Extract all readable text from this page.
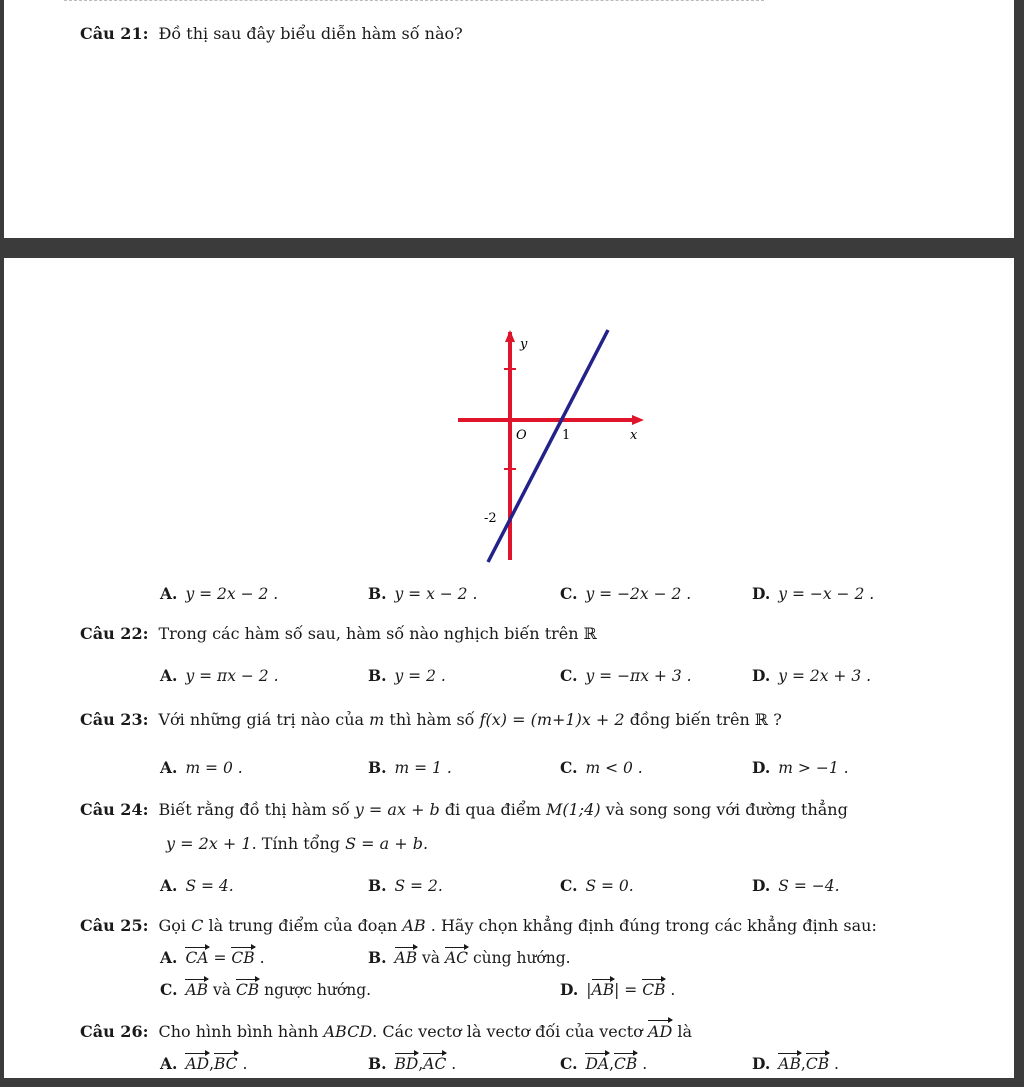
Câu 21: Đồ thị sau đây biểu diễn hàm số nào?
y
x
O	1
-2
A. y = 2x − 2 .	B. y = x − 2 .	C. y = −2x − 2 .	D. y = −x − 2 .
Câu 22: Trong các hàm số sau, hàm số nào nghịch biến trên ℝ
A. y = πx − 2 .	B. y = 2 .	C. y = −πx + 3 .	D. y = 2x + 3 .
Câu 23: Với những giá trị nào của m thì hàm số f(x) = (m+1)x + 2 đồng biến trên ℝ ?
A. m = 0 .	B. m = 1 .	C. m < 0 .	D. m > −1 .
Câu 24: Biết rằng đồ thị hàm số y = ax + b đi qua điểm M(1;4) và song song với đường thẳng
y = 2x + 1. Tính tổng S = a + b.
A. S = 4.	B. S = 2.	C. S = 0.	D. S = −4.
Câu 25: Gọi C là trung điểm của đoạn AB . Hãy chọn khẳng định đúng trong các khẳng định sau:
A. CA = CB .	B. AB và AC cùng hướng.
C. AB và CB ngược hướng.	D. |AB| = CB .
Câu 26: Cho hình bình hành ABCD. Các vectơ là vectơ đối của vectơ AD là
A. AD,BC .	B. BD,AC .	C. DA,CB .	D. AB,CB .
